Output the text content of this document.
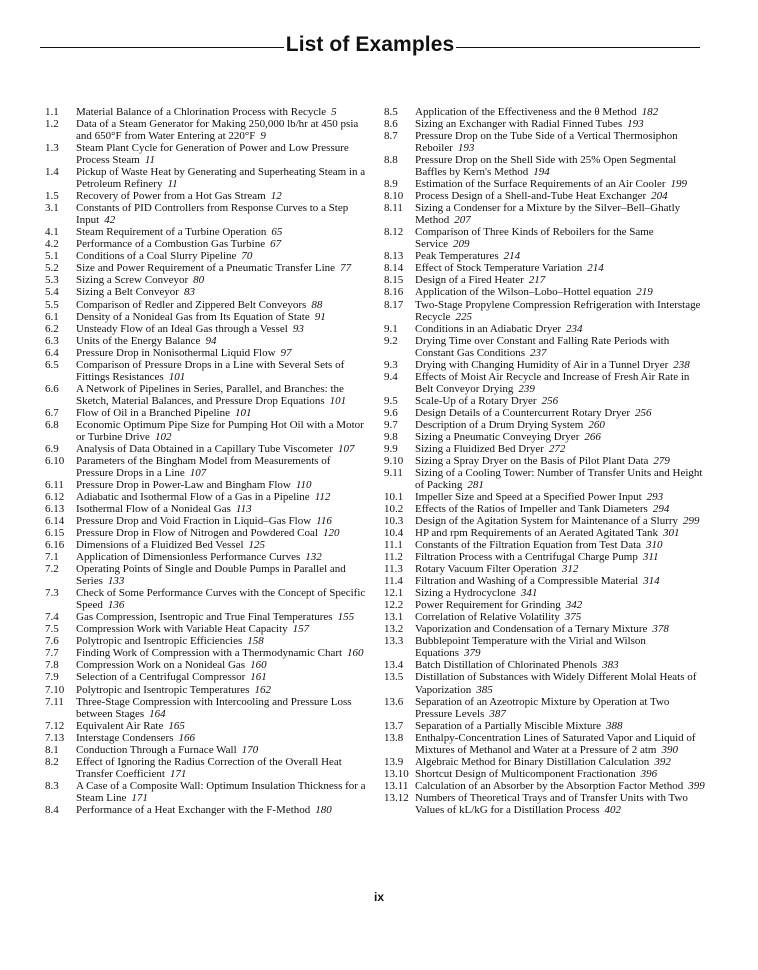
List of Examples
1.1	Material Balance of a Chlorination Process with Recycle 5
1.2	Data of a Steam Generator for Making 250,000 lb/hr at 450 psia and 650°F from Water Entering at 220°F 9
1.3	Steam Plant Cycle for Generation of Power and Low Pressure Process Steam 11
1.4	Pickup of Waste Heat by Generating and Superheating Steam in a Petroleum Refinery 11
1.5	Recovery of Power from a Hot Gas Stream 12
3.1	Constants of PID Controllers from Response Curves to a Step Input 42
4.1	Steam Requirement of a Turbine Operation 65
4.2	Performance of a Combustion Gas Turbine 67
5.1	Conditions of a Coal Slurry Pipeline 70
5.2	Size and Power Requirement of a Pneumatic Transfer Line 77
5.3	Sizing a Screw Conveyor 80
5.4	Sizing a Belt Conveyor 83
5.5	Comparison of Redler and Zippered Belt Conveyors 88
6.1	Density of a Nonideal Gas from Its Equation of State 91
6.2	Unsteady Flow of an Ideal Gas through a Vessel 93
6.3	Units of the Energy Balance 94
6.4	Pressure Drop in Nonisothermal Liquid Flow 97
6.5	Comparison of Pressure Drops in a Line with Several Sets of Fittings Resistances 101
6.6	A Network of Pipelines in Series, Parallel, and Branches: the Sketch, Material Balances, and Pressure Drop Equations 101
6.7	Flow of Oil in a Branched Pipeline 101
6.8	Economic Optimum Pipe Size for Pumping Hot Oil with a Motor or Turbine Drive 102
6.9	Analysis of Data Obtained in a Capillary Tube Viscometer 107
6.10	Parameters of the Bingham Model from Measurements of Pressure Drops in a Line 107
6.11	Pressure Drop in Power-Law and Bingham Flow 110
6.12	Adiabatic and Isothermal Flow of a Gas in a Pipeline 112
6.13	Isothermal Flow of a Nonideal Gas 113
6.14	Pressure Drop and Void Fraction in Liquid–Gas Flow 116
6.15	Pressure Drop in Flow of Nitrogen and Powdered Coal 120
6.16	Dimensions of a Fluidized Bed Vessel 125
7.1	Application of Dimensionless Performance Curves 132
7.2	Operating Points of Single and Double Pumps in Parallel and Series 133
7.3	Check of Some Performance Curves with the Concept of Specific Speed 136
7.4	Gas Compression, Isentropic and True Final Temperatures 155
7.5	Compression Work with Variable Heat Capacity 157
7.6	Polytropic and Isentropic Efficiencies 158
7.7	Finding Work of Compression with a Thermodynamic Chart 160
7.8	Compression Work on a Nonideal Gas 160
7.9	Selection of a Centrifugal Compressor 161
7.10	Polytropic and Isentropic Temperatures 162
7.11	Three-Stage Compression with Intercooling and Pressure Loss between Stages 164
7.12	Equivalent Air Rate 165
7.13	Interstage Condensers 166
8.1	Conduction Through a Furnace Wall 170
8.2	Effect of Ignoring the Radius Correction of the Overall Heat Transfer Coefficient 171
8.3	A Case of a Composite Wall: Optimum Insulation Thickness for a Steam Line 171
8.4	Performance of a Heat Exchanger with the F-Method 180
8.5	Application of the Effectiveness and the θ Method 182
8.6	Sizing an Exchanger with Radial Finned Tubes 193
8.7	Pressure Drop on the Tube Side of a Vertical Thermosiphon Reboiler 193
8.8	Pressure Drop on the Shell Side with 25% Open Segmental Baffles by Kern's Method 194
8.9	Estimation of the Surface Requirements of an Air Cooler 199
8.10	Process Design of a Shell-and-Tube Heat Exchanger 204
8.11	Sizing a Condenser for a Mixture by the Silver–Bell–Ghatly Method 207
8.12	Comparison of Three Kinds of Reboilers for the Same Service 209
8.13	Peak Temperatures 214
8.14	Effect of Stock Temperature Variation 214
8.15	Design of a Fired Heater 217
8.16	Application of the Wilson–Lobo–Hottel equation 219
8.17	Two-Stage Propylene Compression Refrigeration with Interstage Recycle 225
9.1	Conditions in an Adiabatic Dryer 234
9.2	Drying Time over Constant and Falling Rate Periods with Constant Gas Conditions 237
9.3	Drying with Changing Humidity of Air in a Tunnel Dryer 238
9.4	Effects of Moist Air Recycle and Increase of Fresh Air Rate in Belt Conveyor Drying 239
9.5	Scale-Up of a Rotary Dryer 256
9.6	Design Details of a Countercurrent Rotary Dryer 256
9.7	Description of a Drum Drying System 260
9.8	Sizing a Pneumatic Conveying Dryer 266
9.9	Sizing a Fluidized Bed Dryer 272
9.10	Sizing a Spray Dryer on the Basis of Pilot Plant Data 279
9.11	Sizing of a Cooling Tower: Number of Transfer Units and Height of Packing 281
10.1	Impeller Size and Speed at a Specified Power Input 293
10.2	Effects of the Ratios of Impeller and Tank Diameters 294
10.3	Design of the Agitation System for Maintenance of a Slurry 299
10.4	HP and rpm Requirements of an Aerated Agitated Tank 301
11.1	Constants of the Filtration Equation from Test Data 310
11.2	Filtration Process with a Centrifugal Charge Pump 311
11.3	Rotary Vacuum Filter Operation 312
11.4	Filtration and Washing of a Compressible Material 314
12.1	Sizing a Hydrocyclone 341
12.2	Power Requirement for Grinding 342
13.1	Correlation of Relative Volatility 375
13.2	Vaporization and Condensation of a Ternary Mixture 378
13.3	Bubblepoint Temperature with the Virial and Wilson Equations 379
13.4	Batch Distillation of Chlorinated Phenols 383
13.5	Distillation of Substances with Widely Different Molal Heats of Vaporization 385
13.6	Separation of an Azeotropic Mixture by Operation at Two Pressure Levels 387
13.7	Separation of a Partially Miscible Mixture 388
13.8	Enthalpy-Concentration Lines of Saturated Vapor and Liquid of Mixtures of Methanol and Water at a Pressure of 2 atm 390
13.9	Algebraic Method for Binary Distillation Calculation 392
13.10 Shortcut Design of Multicomponent Fractionation 396
13.11 Calculation of an Absorber by the Absorption Factor Method 399
13.12 Numbers of Theoretical Trays and of Transfer Units with Two Values of kL/kG for a Distillation Process 402
ix
